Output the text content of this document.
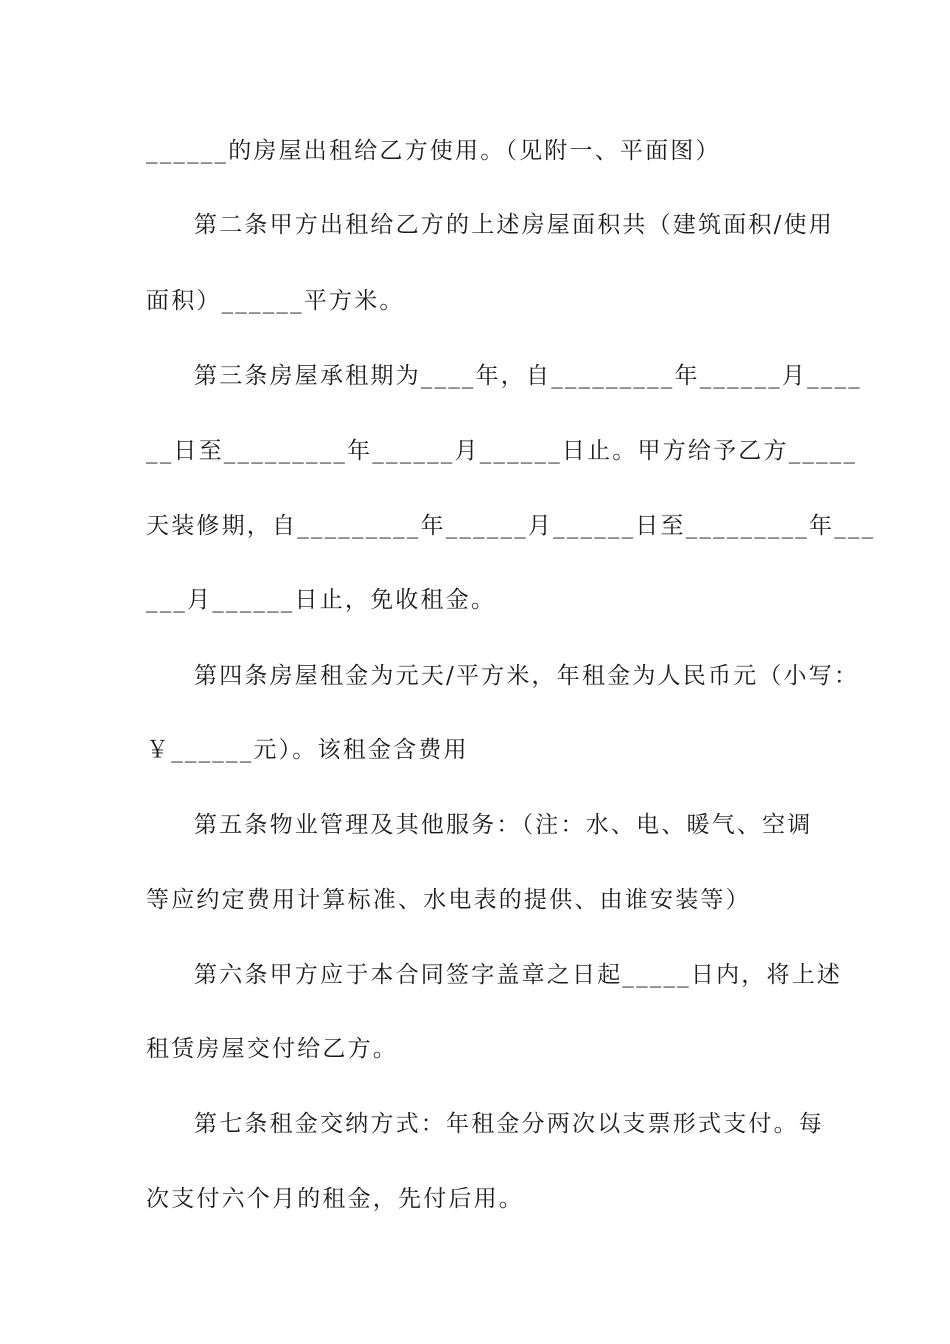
______的房屋出租给乙方使用。（见附一、平面图）
第二条甲方出租给乙方的上述房屋面积共（建筑面积/使用
面积）______平方米。
第三条房屋承租期为____年，自_________年______月____
__日至_________年______月______日止。甲方给予乙方_____
天装修期，自_________年______月______日至_________年___
___月______日止，免收租金。
第四条房屋租金为元天/平方米，年租金为人民币元（小写：
￥______元）。该租金含费用
第五条物业管理及其他服务：（注：水、电、暖气、空调
等应约定费用计算标准、水电表的提供、由谁安装等）
第六条甲方应于本合同签字盖章之日起_____日内，将上述
租赁房屋交付给乙方。
第七条租金交纳方式：年租金分两次以支票形式支付。每
次支付六个月的租金，先付后用。
